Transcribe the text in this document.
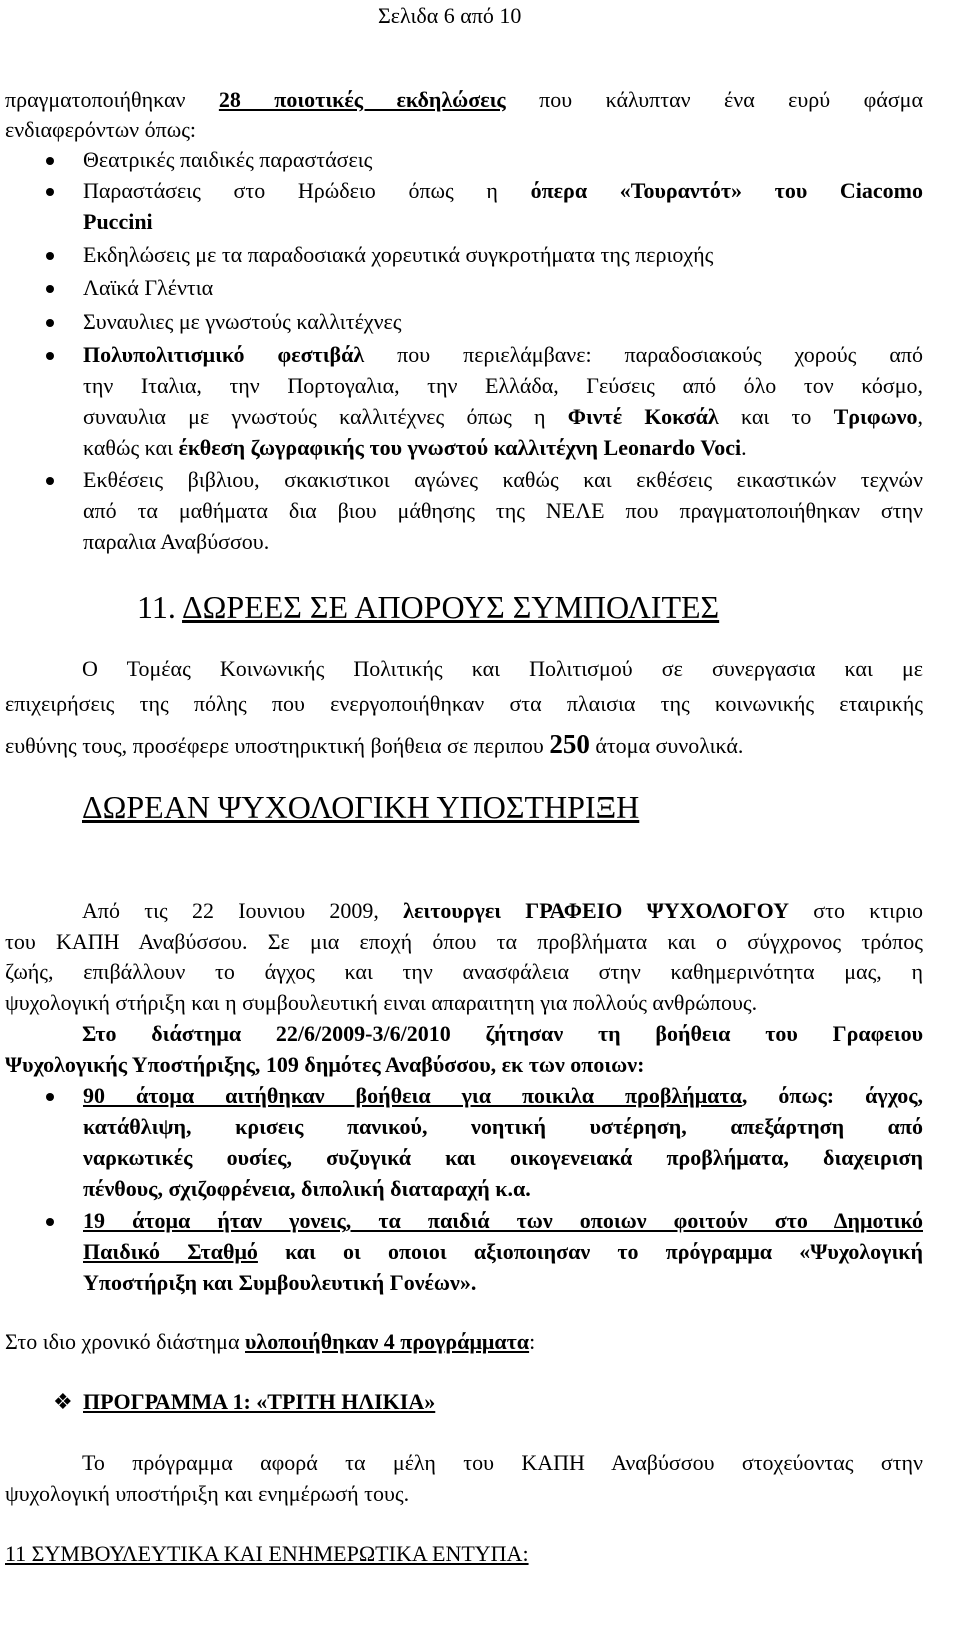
Σελιδα 6 από 10
πραγματοποιήθηκαν 28 ποιοτικές εκδηλώσεις που κάλυπταν ένα ευρύ φάσμα
ενδιαφερόντων όπως:
Θεατρικές παιδικές παραστάσεις
Παραστάσεις στο Ηρώδειο όπως η όπερα «Τουραντότ» του Ciacomo
Puccini
Εκδηλώσεις με τα παραδοσιακά χορευτικά συγκροτήματα της περιοχής
Λαϊκά Γλέντια
Συναυλιες με γνωστούς καλλιτέχνες
Πολυπολιτισμικό φεστιβάλ που περιελάμβανε: παραδοσιακούς χορούς από
την Ιταλια, την Πορτογαλια, την Ελλάδα, Γεύσεις από όλο τον κόσμο,
συναυλια με γνωστούς καλλιτέχνες όπως η Φιντέ Κοκσάλ και το Τριφωνο,
καθώς και έκθεση ζωγραφικής του γνωστού καλλιτέχνη Leonardo Voci.
Εκθέσεις βιβλιου, σκακιστικοι αγώνες καθώς και εκθέσεις εικαστικών τεχνών
από τα μαθήματα δια βιου μάθησης της ΝΕΛΕ που πραγματοποιήθηκαν στην
παραλια Αναβύσσου.
11. ΔΩΡΕΕΣ ΣΕ ΑΠΟΡΟΥΣ ΣΥΜΠΟΛΙΤΕΣ
Ο Τομέας Κοινωνικής Πολιτικής και Πολιτισμού σε συνεργασια και με
επιχειρήσεις της πόλης που ενεργοποιήθηκαν στα πλαισια της κοινωνικής εταιρικής
ευθύνης τους, προσέφερε υποστηρικτική βοήθεια σε περιπου 250 άτομα συνολικά.
ΔΩΡΕΑΝ ΨΥΧΟΛΟΓΙΚΗ ΥΠΟΣΤΗΡΙΞΗ
Από τις 22 Ιουνιου 2009, λειτουργει ΓΡΑΦΕΙΟ ΨΥΧΟΛΟΓΟΥ στο κτιριο
του ΚΑΠΗ Αναβύσσου. Σε μια εποχή όπου τα προβλήματα και ο σύγχρονος τρόπος
ζωής, επιβάλλουν το άγχος και την ανασφάλεια στην καθημερινότητα μας, η
ψυχολογική στήριξη και η συμβουλευτική ειναι απαραιτητη για πολλούς ανθρώπους.
Στο διάστημα 22/6/2009-3/6/2010 ζήτησαν τη βοήθεια του Γραφειου
Ψυχολογικής Υποστήριξης, 109 δημότες Αναβύσσου, εκ των οποιων:
90 άτομα αιτήθηκαν βοήθεια για ποικιλα προβλήματα, όπως: άγχος,
κατάθλιψη, κρισεις πανικού, νοητική υστέρηση, απεξάρτηση από
ναρκωτικές ουσίες, συζυγικά και οικογενειακά προβλήματα, διαχειριση
πένθους, σχιζοφρένεια, διπολική διαταραχή κ.α.
19 άτομα ήταν γονεις, τα παιδιά των οποιων φοιτούν στο Δημοτικό
Παιδικό Σταθμό και οι οποιοι αξιοποιησαν το πρόγραμμα «Ψυχολογική
Υποστήριξη και Συμβουλευτική Γονέων».
Στο ιδιο χρονικό διάστημα υλοποιήθηκαν 4 προγράμματα:
❖ ΠΡΟΓΡΑΜΜΑ 1: «ΤΡΙΤΗ ΗΛΙΚΙΑ»
Το πρόγραμμα αφορά τα μέλη του ΚΑΠΗ Αναβύσσου στοχεύοντας στην
ψυχολογική υποστήριξη και ενημέρωσή τους.
11 ΣΥΜΒΟΥΛΕΥΤΙΚΑ ΚΑΙ ΕΝΗΜΕΡΩΤΙΚΑ ΕΝΤΥΠΑ:
